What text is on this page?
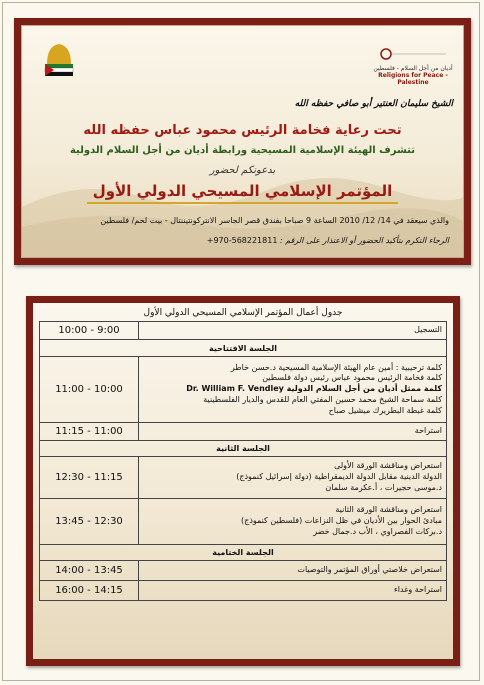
أديان من أجل السلام - فلسطين
Religions for Peace - Palestine
الشيخ سليمان العنتير أبو صافي حفظه الله
تحت رعاية فخامة الرئيس محمود عباس حفظه الله
تتشرف الهيئة الإسلامية المسيحية ورابطة أديان من أجل السلام الدولية
بدعونكم لحضور
المؤتمر الإسلامي المسيحي الدولي الأول
والذي سيعقد في 14/ 12/ 2010 الساعة 9 صباحا بفندق قصر الجاسر الانتركونتيننتال - بيت لحم/ فلسطين
الرجاء التكرم بتأكيد الحضور أو الاعتذار على الرقم : +970-568221811
جدول أعمال المؤتمر الإسلامي المسيحي الدولي الأول
التسجيل	10:00 - 9:00
الجلسة الافتتاحية	

كلمة ترحيبية : أمين عام الهيئة الإسلامية المسيحية د.حسن خاطر
كلمة فخامة الرئيس محمود عباس رئيس دولة فلسطين
كلمة ممثل أديان من أجل السلام الدولية Dr. William F. Vendley
كلمة سماحة الشيخ محمد حسين المفتي العام للقدس والديار الفلسطينية
كلمة غبطة البطريرك ميشيل صباح	11:00 - 10:00

استراحة	11:15 - 11:00
الجلسة الثانية	

استعراض ومناقشة الورقة الأولى
الدولة الدينية مقابل الدولة الديمقراطية (دولة إسرائيل كنموذج)
د.موسى حجيرات ، أ.عكرمة سلمان	12:30 - 11:15

استعراض ومناقشة الورقة الثانية
مبادئ الحوار بين الأديان في ظل النزاعات (فلسطين كنموذج)
د.بركات الفصراوي ، الأب د.جمال خضر	13:45 - 12:30
الجلسة الختامية	

استعراض خلاصتي أوراق المؤتمر والتوصيات	14:00 - 13:45

استراحة وغداء	16:00 - 14:15
